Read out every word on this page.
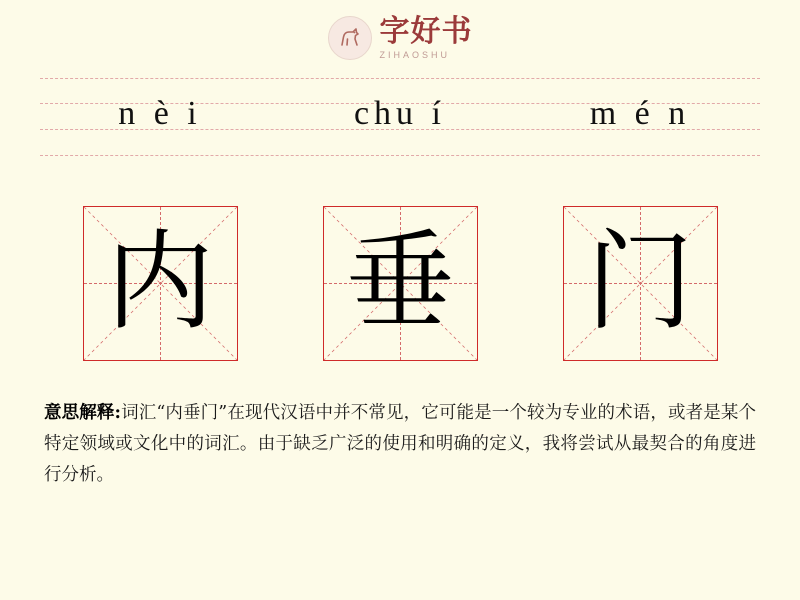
字好书
ZIHAOSHU
n è i	chu í	m é n
内 垂 门
意思解释:词汇“内垂门”在现代汉语中并不常见，它可能是一个较为专业的术语，或者是某个特定领域或文化中的词汇。由于缺乏广泛的使用和明确的定义，我将尝试从最契合的角度进行分析。
